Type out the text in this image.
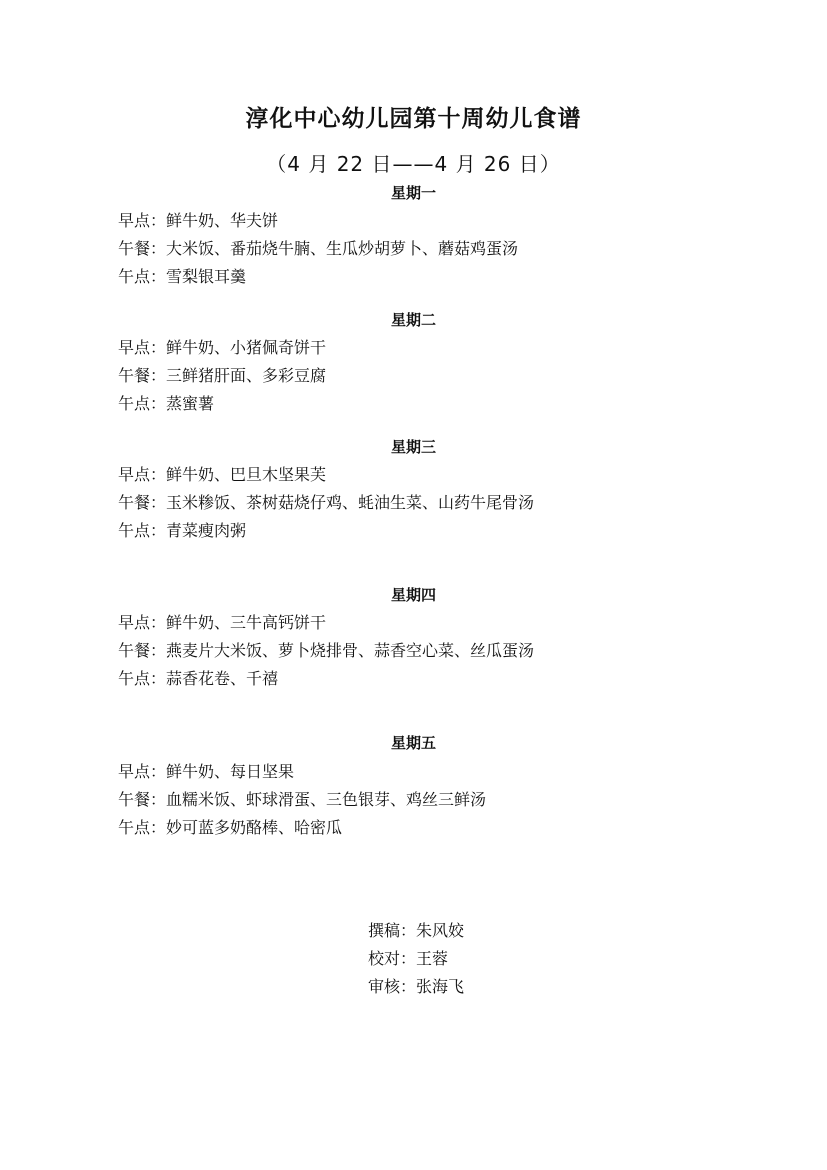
淳化中心幼儿园第十周幼儿食谱
（4 月 22 日——4 月 26 日）
星期一
早点：鲜牛奶、华夫饼
午餐：大米饭、番茄烧牛腩、生瓜炒胡萝卜、蘑菇鸡蛋汤
午点：雪梨银耳羹
星期二
早点：鲜牛奶、小猪佩奇饼干
午餐：三鲜猪肝面、多彩豆腐
午点：蒸蜜薯
星期三
早点：鲜牛奶、巴旦木坚果芙
午餐：玉米糁饭、茶树菇烧仔鸡、蚝油生菜、山药牛尾骨汤
午点：青菜瘦肉粥
星期四
早点：鲜牛奶、三牛高钙饼干
午餐：燕麦片大米饭、萝卜烧排骨、蒜香空心菜、丝瓜蛋汤
午点：蒜香花卷、千禧
星期五
早点：鲜牛奶、每日坚果
午餐：血糯米饭、虾球滑蛋、三色银芽、鸡丝三鲜汤
午点：妙可蓝多奶酪棒、哈密瓜
撰稿：朱风姣
校对：王蓉
审核：张海飞
